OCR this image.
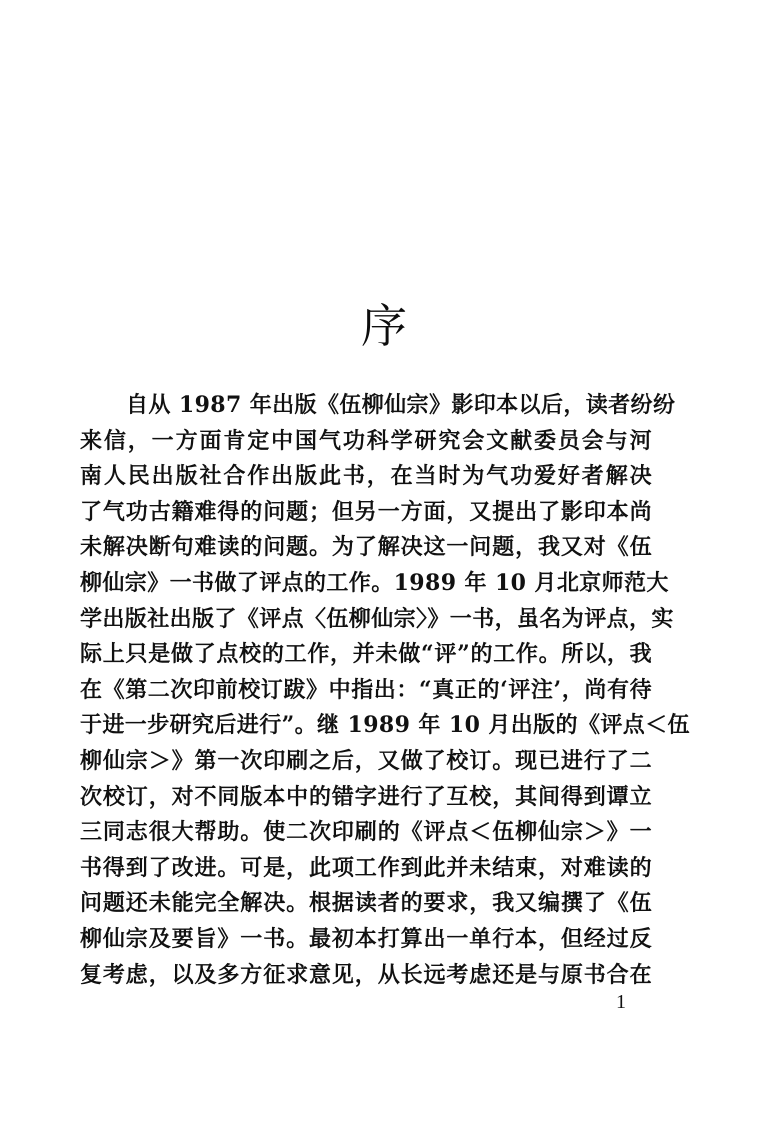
序
自从 1987 年出版《伍柳仙宗》影印本以后，读者纷纷
来信，一方面肯定中国气功科学研究会文献委员会与河
南人民出版社合作出版此书，在当时为气功爱好者解决
了气功古籍难得的问题；但另一方面，又提出了影印本尚
未解决断句难读的问题。为了解决这一问题，我又对《伍
柳仙宗》一书做了评点的工作。1989 年 10 月北京师范大
学出版社出版了《评点〈伍柳仙宗〉》一书，虽名为评点，实
际上只是做了点校的工作，并未做“评”的工作。所以，我
在《第二次印前校订跋》中指出：“真正的‘评注’，尚有待
于进一步研究后进行”。继 1989 年 10 月出版的《评点＜伍
柳仙宗＞》第一次印刷之后，又做了校订。现已进行了二
次校订，对不同版本中的错字进行了互校，其间得到谭立
三同志很大帮助。使二次印刷的《评点＜伍柳仙宗＞》一
书得到了改进。可是，此项工作到此并未结束，对难读的
问题还未能完全解决。根据读者的要求，我又编撰了《伍
柳仙宗及要旨》一书。最初本打算出一单行本，但经过反
复考虑，以及多方征求意见，从长远考虑还是与原书合在
1
